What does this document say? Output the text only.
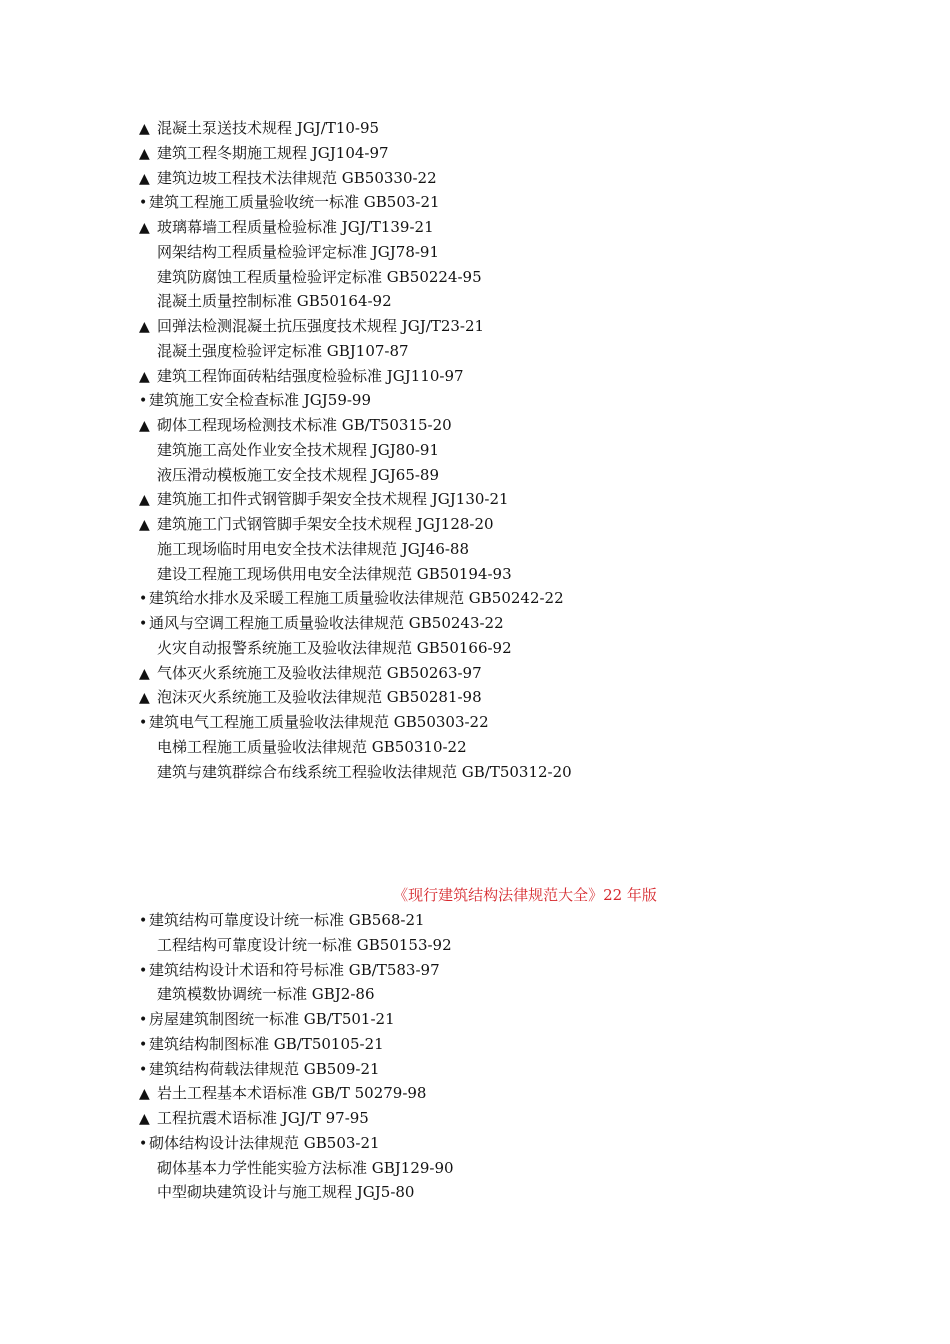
▲ 混凝土泵送技术规程 JGJ/T10-95
▲ 建筑工程冬期施工规程 JGJ104-97
▲ 建筑边坡工程技术法律规范 GB50330-22
• 建筑工程施工质量验收统一标准 GB503-21
▲ 玻璃幕墙工程质量检验标准 JGJ/T139-21
网架结构工程质量检验评定标准 JGJ78-91
建筑防腐蚀工程质量检验评定标准 GB50224-95
混凝土质量控制标准 GB50164-92
▲ 回弹法检测混凝土抗压强度技术规程 JGJ/T23-21
混凝土强度检验评定标准 GBJ107-87
▲ 建筑工程饰面砖粘结强度检验标准 JGJ110-97
• 建筑施工安全检查标准 JGJ59-99
▲ 砌体工程现场检测技术标准 GB/T50315-20
建筑施工高处作业安全技术规程 JGJ80-91
液压滑动模板施工安全技术规程 JGJ65-89
▲ 建筑施工扣件式钢管脚手架安全技术规程 JGJ130-21
▲ 建筑施工门式钢管脚手架安全技术规程 JGJ128-20
施工现场临时用电安全技术法律规范 JGJ46-88
建设工程施工现场供用电安全法律规范 GB50194-93
• 建筑给水排水及采暖工程施工质量验收法律规范 GB50242-22
• 通风与空调工程施工质量验收法律规范 GB50243-22
火灾自动报警系统施工及验收法律规范 GB50166-92
▲ 气体灭火系统施工及验收法律规范 GB50263-97
▲ 泡沫灭火系统施工及验收法律规范 GB50281-98
• 建筑电气工程施工质量验收法律规范 GB50303-22
电梯工程施工质量验收法律规范 GB50310-22
建筑与建筑群综合布线系统工程验收法律规范 GB/T50312-20
《现行建筑结构法律规范大全》22 年版
• 建筑结构可靠度设计统一标准 GB568-21
工程结构可靠度设计统一标准 GB50153-92
• 建筑结构设计术语和符号标准 GB/T583-97
建筑模数协调统一标准 GBJ2-86
• 房屋建筑制图统一标准 GB/T501-21
• 建筑结构制图标准 GB/T50105-21
• 建筑结构荷载法律规范 GB509-21
▲ 岩土工程基本术语标准 GB/T 50279-98
▲ 工程抗震术语标准 JGJ/T 97-95
• 砌体结构设计法律规范 GB503-21
砌体基本力学性能实验方法标准 GBJ129-90
中型砌块建筑设计与施工规程 JGJ5-80
